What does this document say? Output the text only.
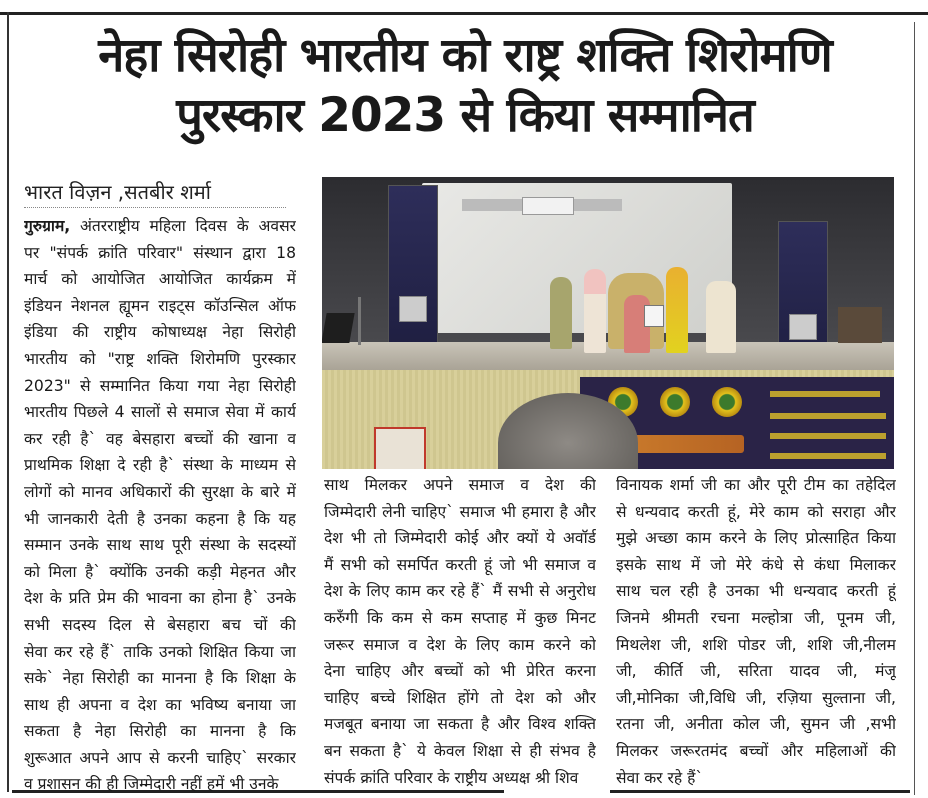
नेहा सिरोही भारतीय को राष्ट्र शक्ति शिरोमणि
पुरस्कार 2023 से किया सम्मानित
भारत विज़न ,सतबीर शर्मा
गुरुग्राम, अंतरराष्ट्रीय महिला दिवस के अवसर
पर "संपर्क क्रांति परिवार" संस्थान द्वारा 18
मार्च को आयोजित आयोजित कार्यक्रम में
इंडियन नेशनल ह्यूमन राइट्स कॉउन्सिल ऑफ
इंडिया की राष्ट्रीय कोषाध्यक्ष नेहा सिरोही
भारतीय को "राष्ट्र शक्ति शिरोमणि पुरस्कार
2023" से सम्मानित किया गया नेहा सिरोही
भारतीय पिछले 4 सालों से समाज सेवा में कार्य
कर रही है` वह बेसहारा बच्चों की खाना व
प्राथमिक शिक्षा दे रही है` संस्था के माध्यम से
लोगों को मानव अधिकारों की सुरक्षा के बारे में
भी जानकारी देती है उनका कहना है कि यह
सम्मान उनके साथ साथ पूरी संस्था के सदस्यों
को मिला है` क्योंकि उनकी कड़ी मेहनत और
देश के प्रति प्रेम की भावना का होना है` उनके
सभी सदस्य दिल से बेसहारा बच चों की
सेवा कर रहे हैं` ताकि उनको शिक्षित किया जा
सके` नेहा सिरोही का मानना है कि शिक्षा के
साथ ही अपना व देश का भविष्य बनाया जा
सकता है नेहा सिरोही का मानना है कि
शुरूआत अपने आप से करनी चाहिए` सरकार
व प्रशासन की ही जिम्मेदारी नहीं हमें भी उनके
साथ मिलकर अपने समाज व देश की
जिम्मेदारी लेनी चाहिए` समाज भी हमारा है और
देश भी तो जिम्मेदारी कोई और क्यों ये अवॉर्ड
मैं सभी को समर्पित करती हूं जो भी समाज व
देश के लिए काम कर रहे हैं` मैं सभी से अनुरोध
करुँगी कि कम से कम सप्ताह में कुछ मिनट
जरूर समाज व देश के लिए काम करने को
देना चाहिए और बच्चों को भी प्रेरित करना
चाहिए बच्चे शिक्षित होंगे तो देश को और
मजबूत बनाया जा सकता है और विश्व शक्ति
बन सकता है` ये केवल शिक्षा से ही संभव है
संपर्क क्रांति परिवार के राष्ट्रीय अध्यक्ष श्री शिव
विनायक शर्मा जी का और पूरी टीम का तहेदिल
से धन्यवाद करती हूं, मेरे काम को सराहा और
मुझे अच्छा काम करने के लिए प्रोत्साहित किया
इसके साथ में जो मेरे कंधे से कंधा मिलाकर
साथ चल रही है उनका भी धन्यवाद करती हूं
जिनमे श्रीमती रचना मल्होत्रा जी, पूनम जी,
मिथलेश जी, शशि पोडर जी, शशि जी,नीलम
जी, कीर्ति जी, सरिता यादव जी, मंजू
जी,मोनिका जी,विधि जी, रज़िया सुल्ताना जी,
रतना जी, अनीता कोल जी, सुमन जी ,सभी
मिलकर जरूरतमंद बच्चों और महिलाओं की
सेवा कर रहे हैं`
